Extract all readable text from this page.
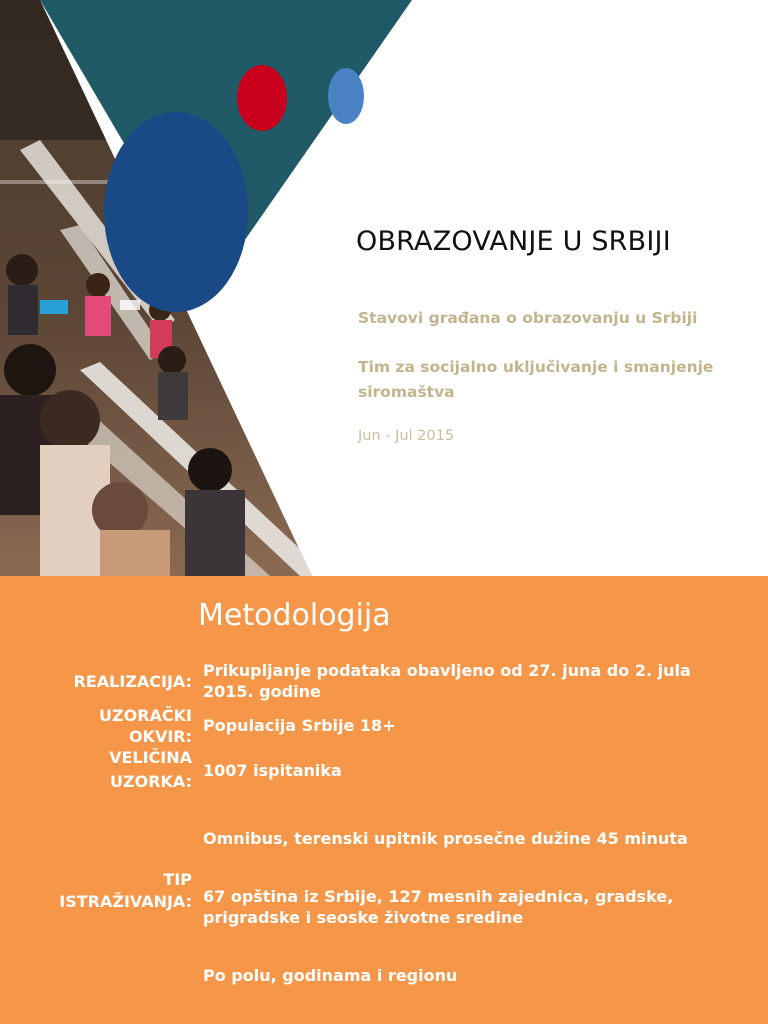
OBRAZOVANJE U SRBIJI
Stavovi građana o obrazovanju u Srbiji
Tim za socijalno uključivanje i smanjenje siromaštva
Jun - Jul 2015
Metodologija
REALIZACIJA:
Prikupljanje podataka obavljeno od 27. juna do 2. jula 2015. godine
UZORAČKI
OKVIR:
Populacija Srbije 18+
VELIČINA
UZORKA:
1007 ispitanika
Omnibus, terenski upitnik prosečne dužine 45 minuta
TIP
ISTRAŽIVANJA: 67 opština iz Srbije, 127 mesnih zajednica, gradske, prigradske i seoske životne sredine
Po polu, godinama i regionu
